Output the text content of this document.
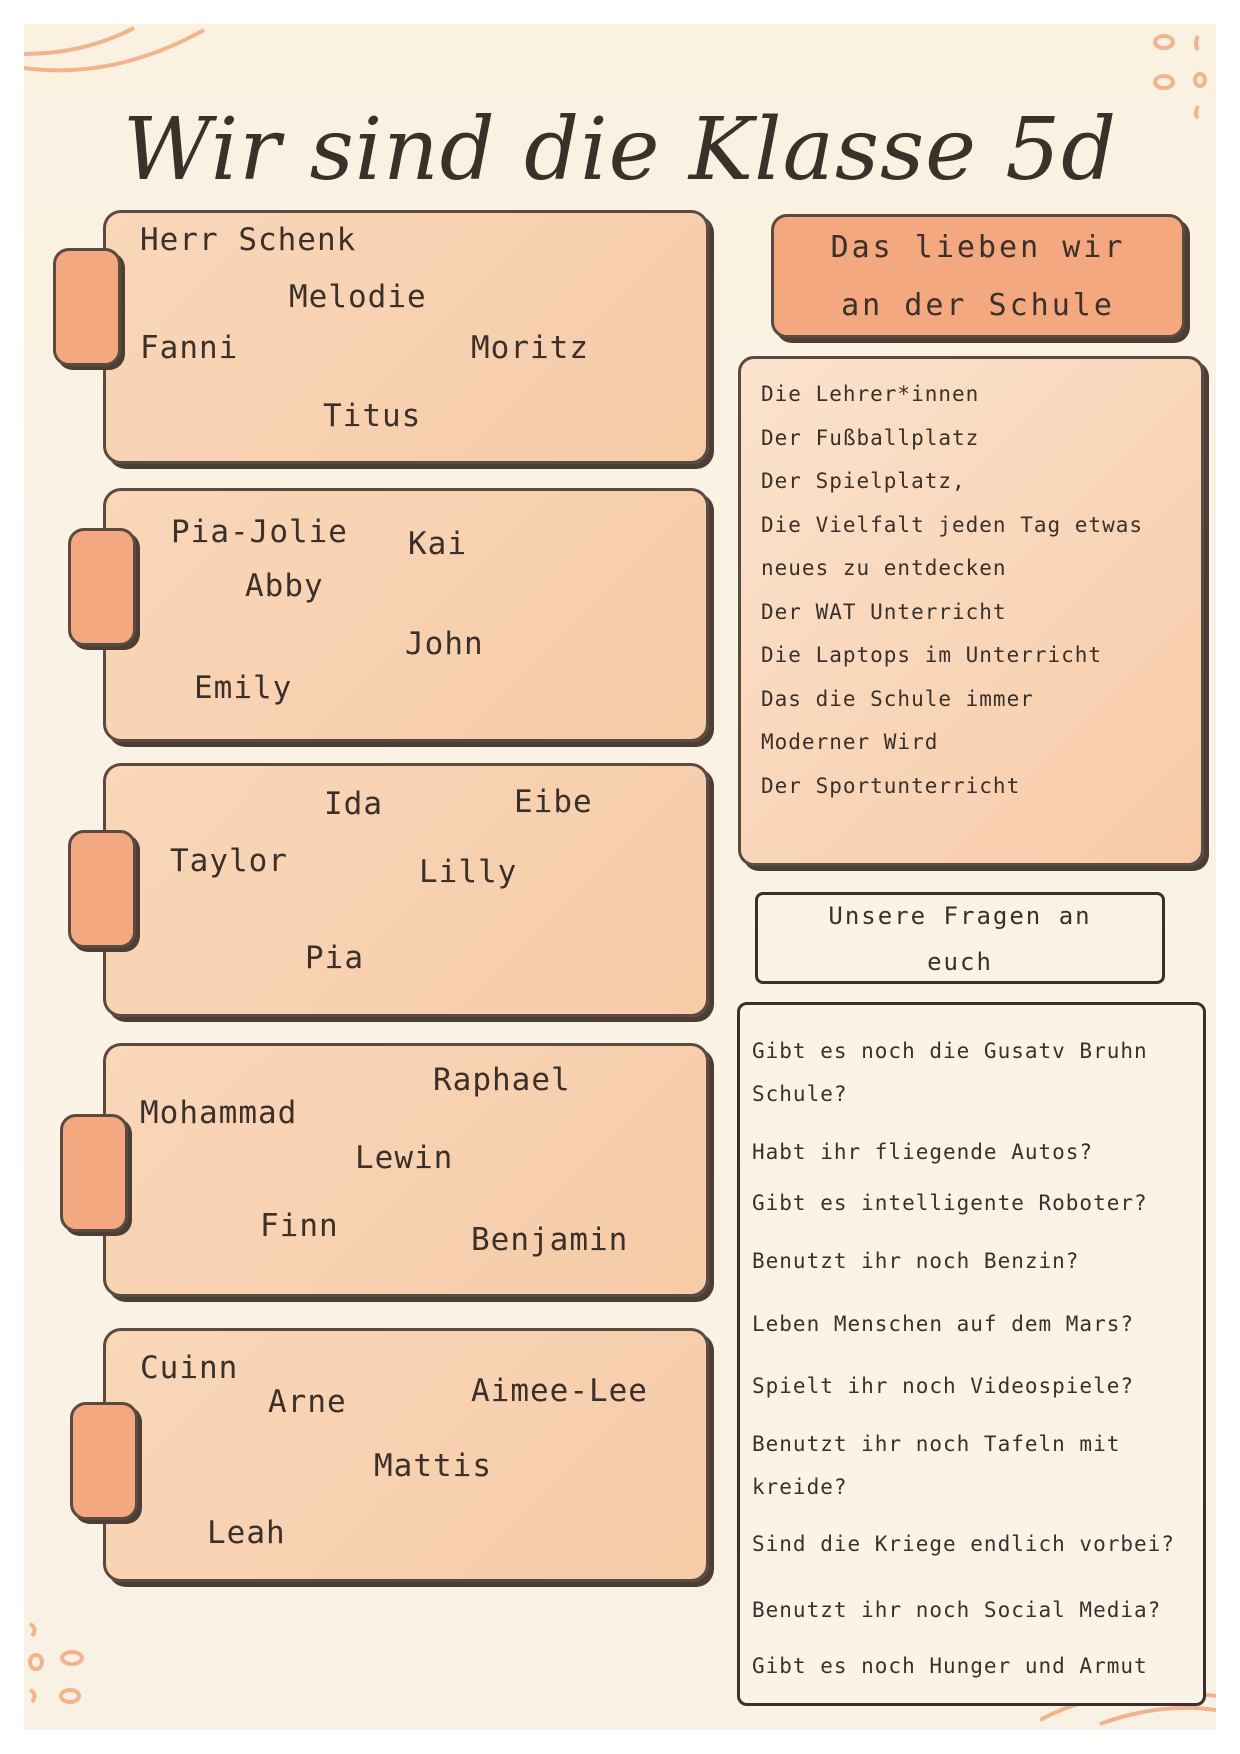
Wir sind die Klasse 5d
Herr Schenk
Melodie
Fanni	Moritz
Titus
Pia-Jolie Kai
Abby
John
Emily
Ida	Eibe
Taylor	Lilly
Pia
Raphael
Mohammad
Lewin
Finn	Benjamin
Cuinn
Arne	Aimee-Lee
Mattis
Leah
Das lieben wir
an der Schule
Die Lehrer*innen
Der Fußballplatz
Der Spielplatz,
Die Vielfalt jeden Tag etwas
neues zu entdecken
Der WAT Unterricht
Die Laptops im Unterricht
Das die Schule immer
Moderner Wird
Der Sportunterricht
Unsere Fragen an
euch
Gibt es noch die Gusatv Bruhn
Schule?
Habt ihr fliegende Autos?
Gibt es intelligente Roboter?
Benutzt ihr noch Benzin?
Leben Menschen auf dem Mars?
Spielt ihr noch Videospiele?
Benutzt ihr noch Tafeln mit
kreide?
Sind die Kriege endlich vorbei?
Benutzt ihr noch Social Media?
Gibt es noch Hunger und Armut
